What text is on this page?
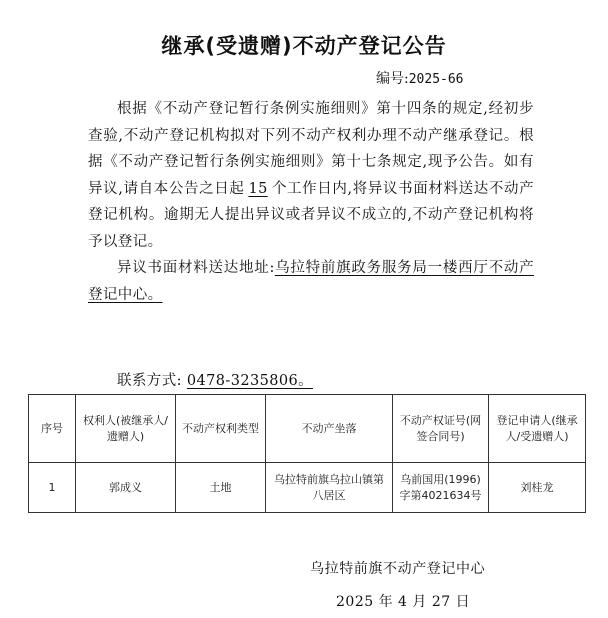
继承(受遗赠)不动产登记公告
编号:2025-66

根据《不动产登记暂行条例实施细则》第十四条的规定,经初步查验,不动产登记机构拟对下列不动产权利办理不动产继承登记。根据《不动产登记暂行条例实施细则》第十七条规定,现予公告。如有异议,请自本公告之日起 15 个工作日内,将异议书面材料送达不动产登记机构。逾期无人提出异议或者异议不成立的,不动产登记机构将予以登记。

异议书面材料送达地址:乌拉特前旗政务服务局一楼西厅不动产登记中心。

联系方式: 0478-3235806。
序号	权利人(被继承人/遗赠人)	不动产权利类型	不动产坐落	不动产权证号(网签合同号)	登记申请人(继承人/受遗赠人)
1	郭成义	土地	乌拉特前旗乌拉山镇第八居区	乌前国用(1996)字第4021634号	刘桂龙
乌拉特前旗不动产登记中心
2025 年 4 月 27 日
